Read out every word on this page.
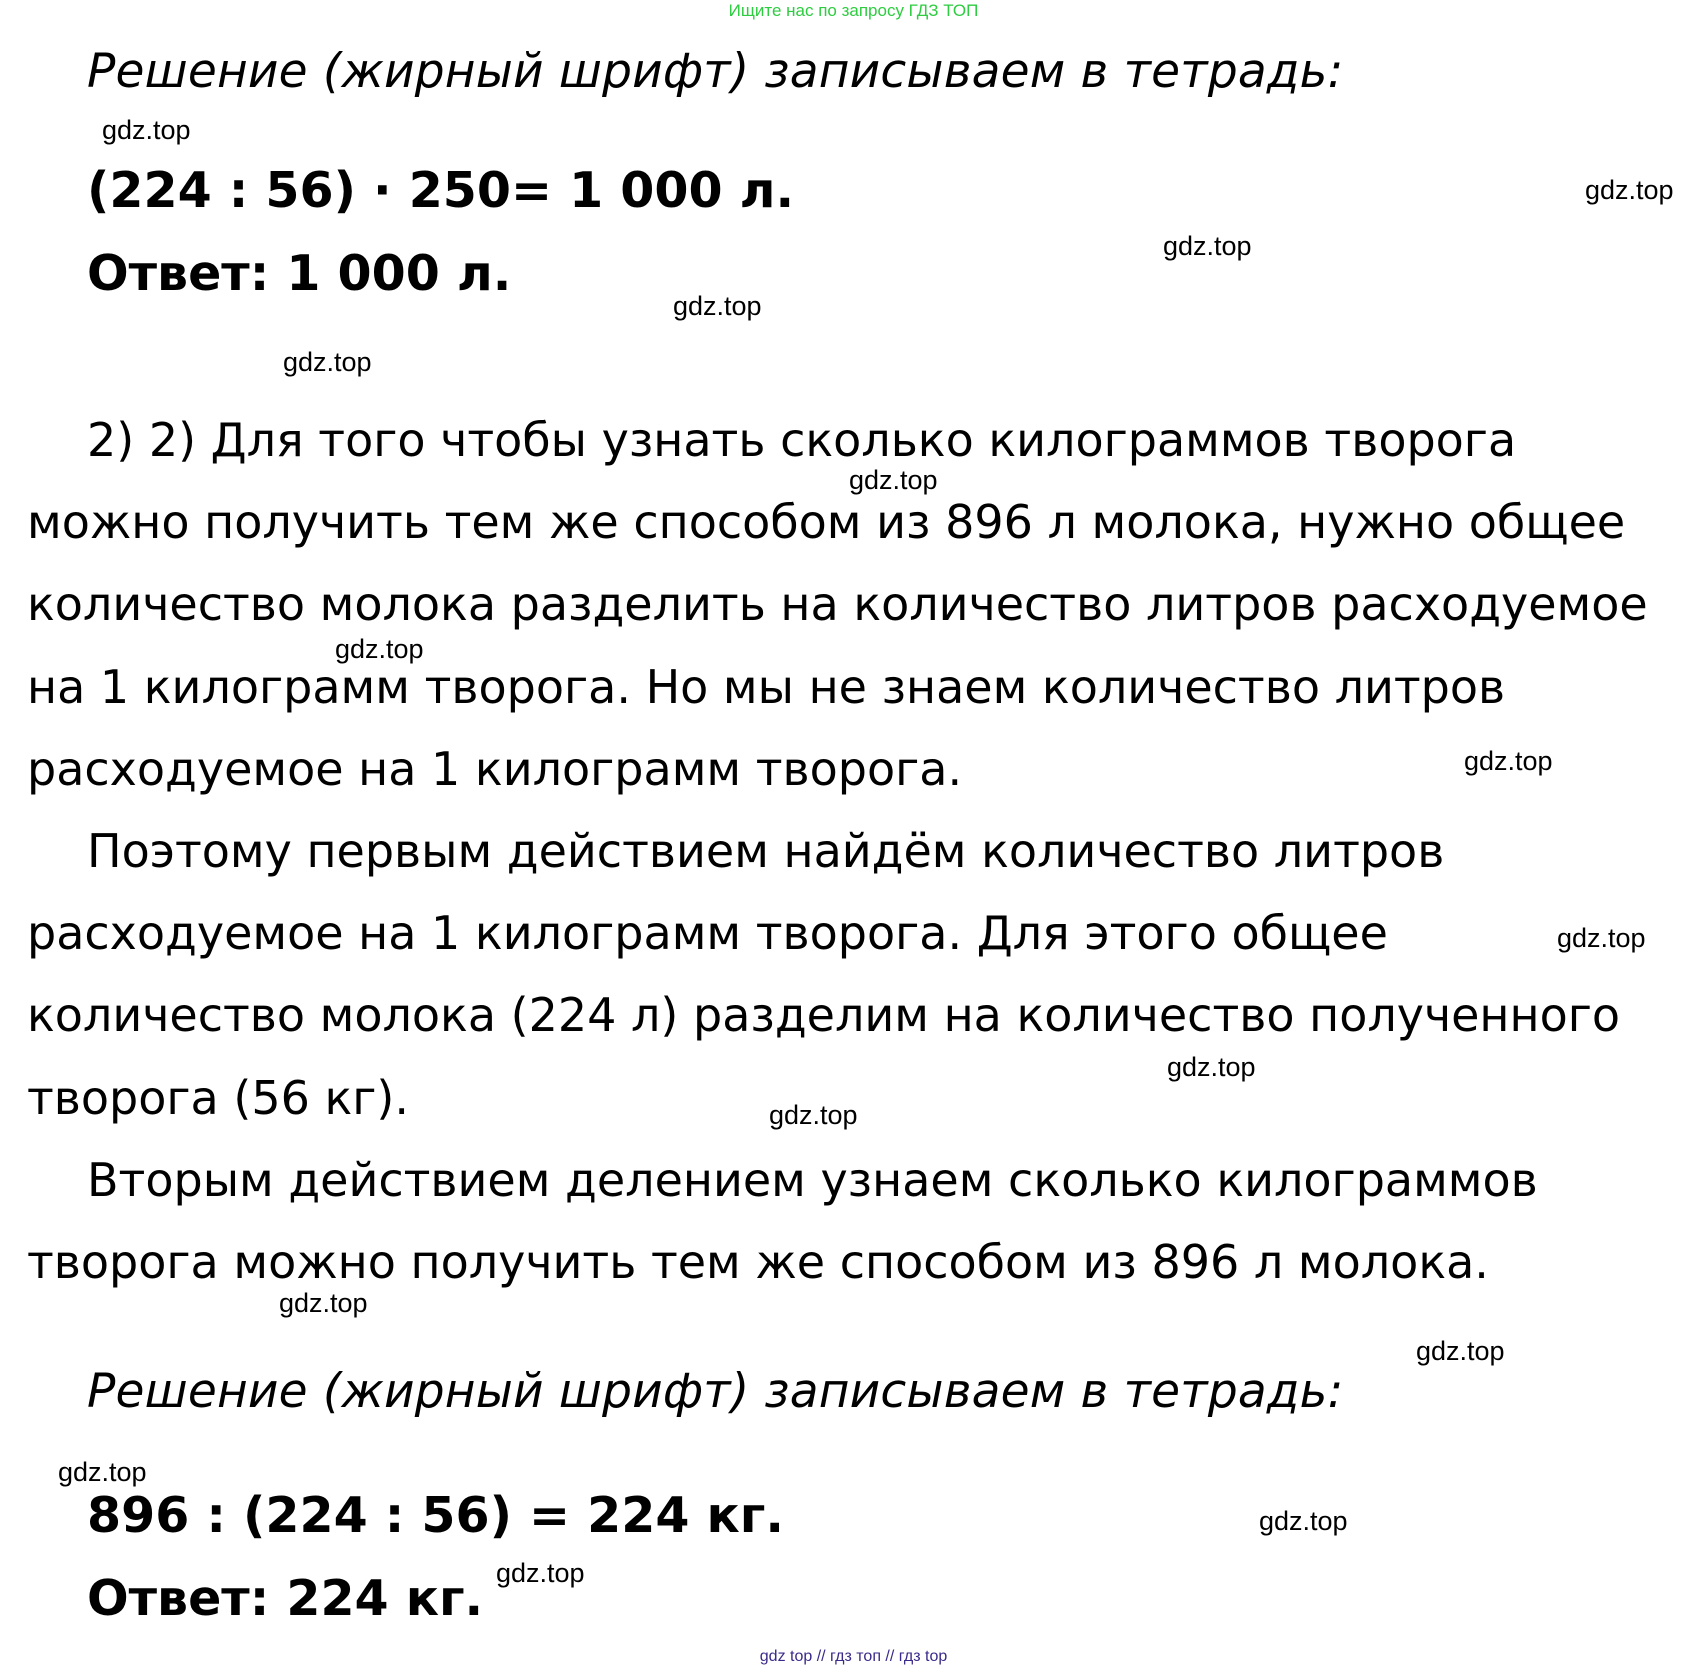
Ищите нас по запросу ГДЗ ТОП
Решение (жирный шрифт) записываем в тетрадь:
(224 : 56) · 250= 1 000 л.
Ответ: 1 000 л.
2) 2) Для того чтобы узнать сколько килограммов творога
можно получить тем же способом из 896 л молока, нужно общее
количество молока разделить на количество литров расходуемое
на 1 килограмм творога. Но мы не знаем количество литров
расходуемое на 1 килограмм творога.
Поэтому первым действием найдём количество литров
расходуемое на 1 килограмм творога. Для этого общее
количество молока (224 л) разделим на количество полученного
творога (56 кг).
Вторым действием делением узнаем сколько килограммов
творога можно получить тем же способом из 896 л молока.
Решение (жирный шрифт) записываем в тетрадь:
896 : (224 : 56) = 224 кг.
Ответ: 224 кг.
gdz.top
gdz.top
gdz.top
gdz.top
gdz.top
gdz.top
gdz.top
gdz.top
gdz.top
gdz.top
gdz.top
gdz.top
gdz.top
gdz.top
gdz.top
gdz.top
gdz top // гдз топ // гдз top
